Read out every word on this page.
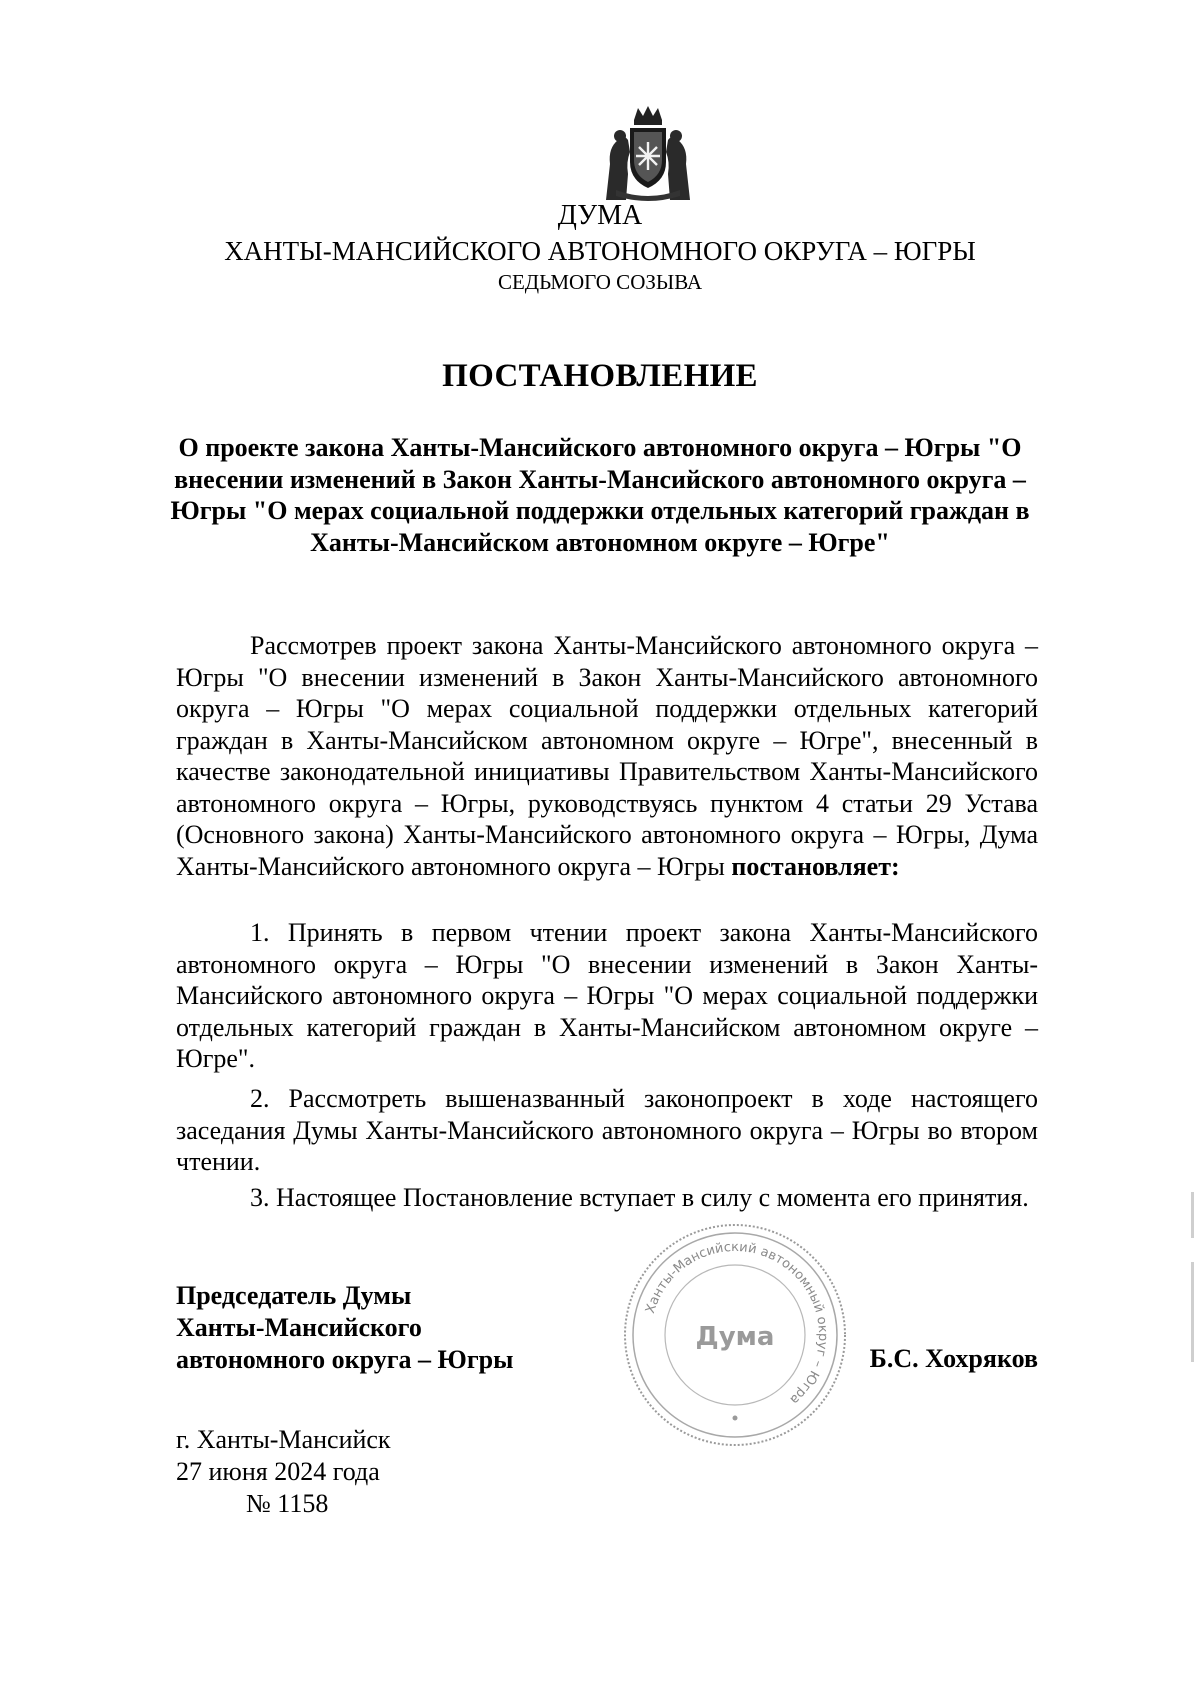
ДУМА
ХАНТЫ-МАНСИЙСКОГО АВТОНОМНОГО ОКРУГА – ЮГРЫ
СЕДЬМОГО СОЗЫВА
ПОСТАНОВЛЕНИЕ
О проекте закона Ханты-Мансийского автономного округа – Югры "О внесении изменений в Закон Ханты-Мансийского автономного округа – Югры "О мерах социальной поддержки отдельных категорий граждан в Ханты-Мансийском автономном округе – Югре"

Рассмотрев проект закона Ханты-Мансийского автономного округа – Югры "О внесении изменений в Закон Ханты-Мансийского автономного округа – Югры "О мерах социальной поддержки отдельных категорий граждан в Ханты-Мансийском автономном округе – Югре", внесенный в качестве законодательной инициативы Правительством Ханты-Мансийского автономного округа – Югры, руководствуясь пунктом 4 статьи 29 Устава (Основного закона) Ханты-Мансийского автономного округа – Югры, Дума Ханты-Мансийского автономного округа – Югры постановляет:

1. Принять в первом чтении проект закона Ханты-Мансийского автономного округа – Югры "О внесении изменений в Закон Ханты-Мансийского автономного округа – Югры "О мерах социальной поддержки отдельных категорий граждан в Ханты-Мансийском автономном округе – Югре".

2. Рассмотреть вышеназванный законопроект в ходе настоящего заседания Думы Ханты-Мансийского автономного округа – Югры во втором чтении.

3. Настоящее Постановление вступает в силу с момента его принятия.

Председатель Думы
Ханты-Мансийского
автономного округа – Югры
Ханты-Мансийский автономный округ – Югра
Дума
Б.С. Хохряков
г. Ханты-Мансийск
27 июня 2024 года
№ 1158
